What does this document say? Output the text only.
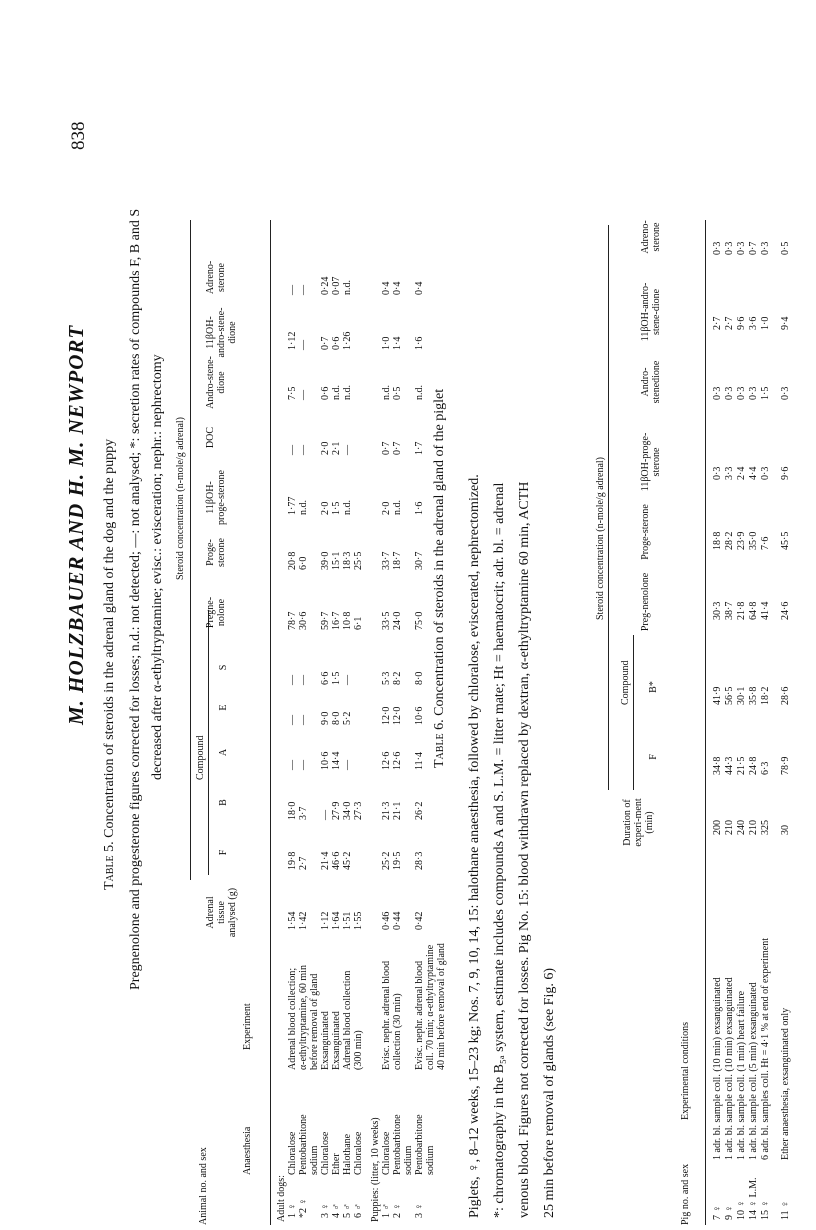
838
M. HOLZBAUER AND H. M. NEWPORT
Table 5. Concentration of steroids in the adrenal gland of the dog and the puppy Pregnenolone and progesterone figures corrected for losses; n.d.: not detected; —: not analysed; *: secretion rates of compounds F, B and S decreased after α-ethyltryptamine; evisc.: evisceration; nephr.: nephrectomy Steroid concentration (n-mole/g adrenal)
Compound
Animal no. and sex	Anaesthesia
Experiment
Adrenal tissue analysed (g)
F
B
A
E
S
Pregne-nolone
Proge-sterone
11βOH-proge-sterone
DOC
Andro-stene-dione
11βOH-andro-stene-dione
Adreno-sterone
Adult dogs: 1 ♀
Chloralose
Adrenal blood collection;
1·54
19·8
18·0
—
—
—
78·7
20·8
1·77
—
7·5
1·12
—
*2 ♀
Pentobarbitone
α-ethyltryptamine, 60 min
1·42
2·7
3·7
—
—
—
30·6
6·0
n.d.
—
—
—
—
sodium
before removal of gland
3 ♀
Chloralose
Exsanguinated
1·12
21·4
—
10·6
9·0
6·6
59·7
39·0
2·0
2·0
0·6
0·7
0·24
4 ♂
Ether
Exsanguinated
1·64
46·6
27·9
14·4
8·0
1·5
16·7
15·1
1·5
2·1
n.d.
0·6
0·07
5 ♂
Halothane
Adrenal blood collection
1·51
45·2
34·0
—
5·2
—
10·8
18·3
n.d.
—
n.d.
1·26
n.d.
6 ♂
Chloralose
(300 min)
1·55
27·3
6·1
25·5
Puppies: (litter, 10 weeks) 1 ♂
Chloralose
Evisc. nephr. adrenal blood
0·46
25·2
21·3
12·6
12·0
5·3
33·5
33·7
2·0
0·7
n.d.
1·0
0·4
2 ♀
Pentobarbitone
collection (30 min)
0·44
19·5
21·1
12·6
12·0
8·2
24·0
18·7
n.d.
0·7
0·5
1·4
0·4
sodium
3 ♀
Pentobarbitone
Evisc. nephr. adrenal blood
0·42
28·3
26·2
11·4
10·6
8·0
75·0
30·7
1·6
1·7
n.d.
1·6
0·4
sodium
coll. 70 min; α-ethyltryptamine 40 min before removal of gland
Table 6. Concentration of steroids in the adrenal gland of the piglet	Piglets, ♀, 8–12 weeks, 15–23 kg; Nos. 7, 9, 10, 14, 15: halothane anaesthesia, followed by chloralose, eviscerated, nephrectomized. *: chromatography in the B₅ₐ system, estimate includes compounds A and S. L.M. = litter mate; Ht = haematocrit; adr. bl. = adrenal venous blood. Figures not corrected for losses. Pig No. 15: blood withdrawn replaced by dextran, α-ethyltryptamine 60 min, ACTH 25 min before removal of glands (see Fig. 6)
Steroid concentration (n-mole/g adrenal)
Compound
Pig no. and sex
Experimental conditions
Duration of experi-ment (min)
F
B*
Preg-nenolone
Proge-sterone
11βOH-proge-sterone
Andro-stenedione
11βOH-andro-stene-dione
Adreno-sterone
7 ♀
1 adr. bl. sample coll. (10 min) exsanguinated
200
34·8
41·9
30·3
18·8
0·3
0·3
2·7
0·3
9 ♀
1 adr. bl. sample coll. (10 min) exsanguinated
210
44·3
56·5
38·7
28·2
3·3
0·3
2·7
0·3
10 ♀
1 adr. bl. sample coll. (1 min) heart failure
240
21·5
30·1
21·8
23·9
2·4
0·3
9·6
0·3
14 ♀ L.M.
1 adr. bl. sample coll. (5 min) exsanguinated
210
24·8
35·8
64·8
35·0
4·4
0·3
3·6
0·7
15 ♀
6 adr. bl. samples coll. Ht = 4·1 % at end of experiment
325
6·3
18·2
41·4
7·6
0·3
1·5
1·0
0·3
11 ♀
Ether anaesthesia, exsanguinated only
30
78·9
28·6
24·6
45·5
9·6
0·3
9·4
0·5
